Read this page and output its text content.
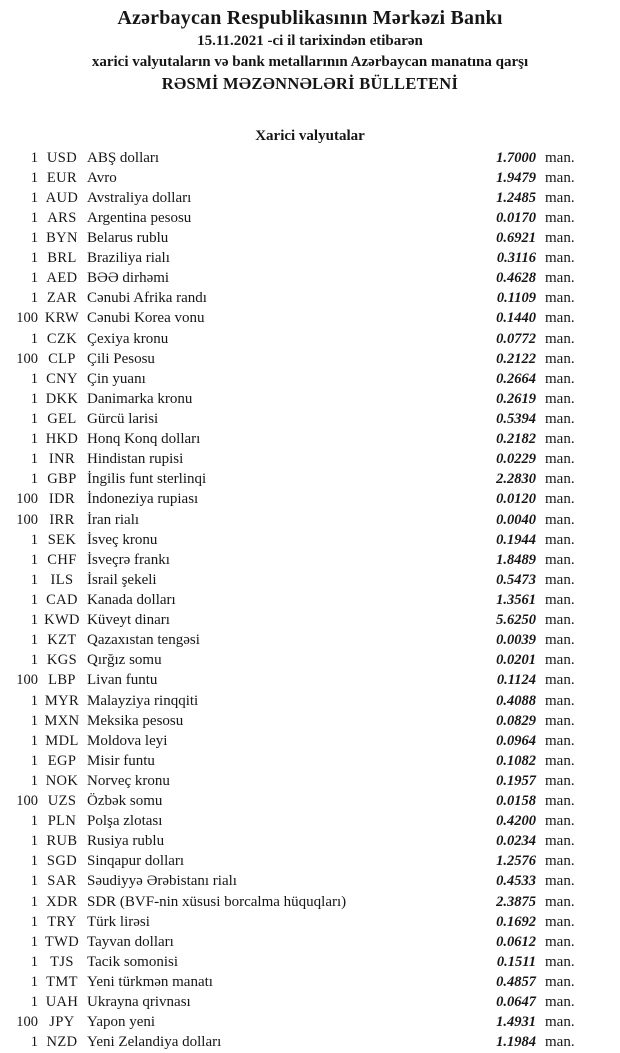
Azərbaycan Respublikasının Mərkəzi Bankı
15.11.2021 -ci il tarixindən etibarən
xarici valyutaların və bank metallarının Azərbaycan manatına qarşı
RƏSMİ MƏZƏNNƏLƏRİ BÜLLETENİ
Xarici valyutalar
1 USD ABŞ dolları	1.7000 man.
1 EUR Avro	1.9479 man.
1 AUD Avstraliya dolları	1.2485 man.
1 ARS Argentina pesosu	0.0170 man.
1 BYN Belarus rublu	0.6921 man.
1 BRL Braziliya rialı	0.3116 man.
1 AED BƏƏ dirhəmi	0.4628 man.
1 ZAR Cənubi Afrika randı	0.1109 man.
100 KRW Cənubi Korea vonu	0.1440 man.
1 CZK Çexiya kronu	0.0772 man.
100 CLP Çili Pesosu	0.2122 man.
1 CNY Çin yuanı	0.2664 man.
1 DKK Danimarka kronu	0.2619 man.
1 GEL Gürcü larisi	0.5394 man.
1 HKD Honq Konq dolları	0.2182 man.
1 INR Hindistan rupisi	0.0229 man.
1 GBP İngilis funt sterlinqi	2.2830 man.
100 IDR İndoneziya rupiası	0.0120 man.
100 IRR İran rialı	0.0040 man.
1 SEK İsveç kronu	0.1944 man.
1 CHF İsveçrə frankı	1.8489 man.
1 ILS İsrail şekeli	0.5473 man.
1 CAD Kanada dolları	1.3561 man.
1 KWD Küveyt dinarı	5.6250 man.
1 KZT Qazaxıstan tengəsi	0.0039 man.
1 KGS Qırğız somu	0.0201 man.
100 LBP Livan funtu	0.1124 man.
1 MYR Malayziya rinqqiti	0.4088 man.
1 MXN Meksika pesosu	0.0829 man.
1 MDL Moldova leyi	0.0964 man.
1 EGP Misir funtu	0.1082 man.
1 NOK Norveç kronu	0.1957 man.
100 UZS Özbək somu	0.0158 man.
1 PLN Polşa zlotası	0.4200 man.
1 RUB Rusiya rublu	0.0234 man.
1 SGD Sinqapur dolları	1.2576 man.
1 SAR Səudiyyə Ərəbistanı rialı	0.4533 man.
1 XDR SDR (BVF-nin xüsusi borcalma hüquqları)	2.3875 man.
1 TRY Türk lirəsi	0.1692 man.
1 TWD Tayvan dolları	0.0612 man.
1 TJS Tacik somonisi	0.1511 man.
1 TMT Yeni türkmən manatı	0.4857 man.
1 UAH Ukrayna qrivnası	0.0647 man.
100 JPY Yapon yeni	1.4931 man.
1 NZD Yeni Zelandiya dolları	1.1984 man.
